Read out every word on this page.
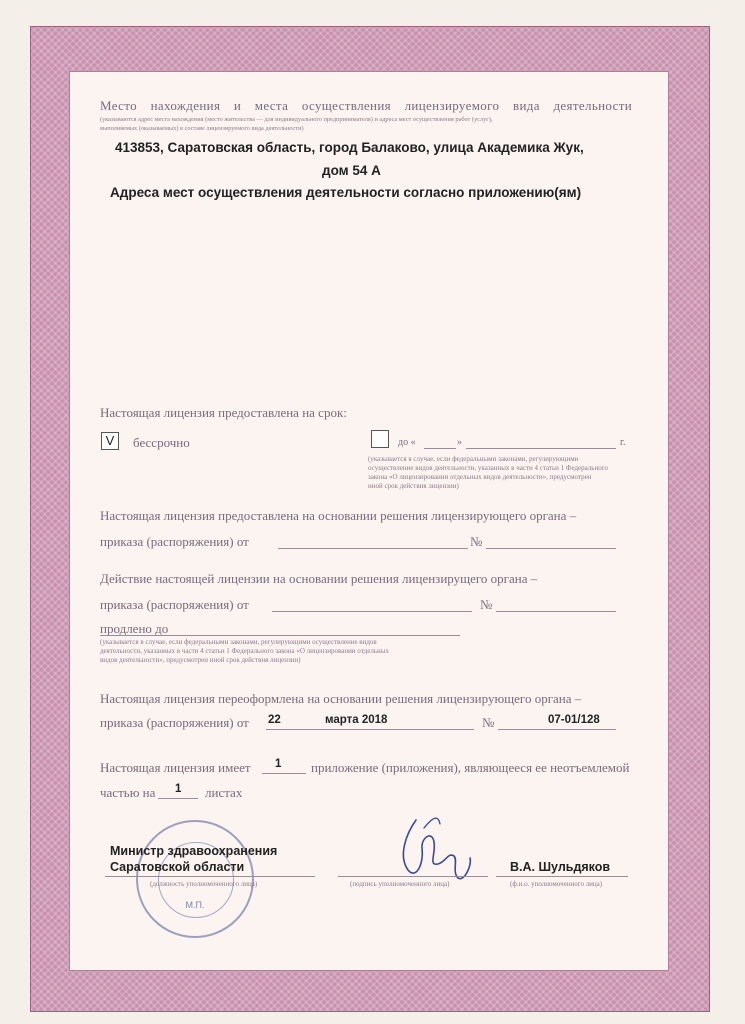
Место нахождения и места осуществления лицензируемого вида деятельности
(указываются адрес места нахождения (место жительства — для индивидуального предпринимателя) и адреса мест осуществления работ (услуг),
выполняемых (оказываемых) в составе лицензируемого вида деятельности)
413853, Саратовская область, город Балаково, улица Академика Жук,
дом 54 А
Адреса мест осуществления деятельности согласно приложению(ям)
Настоящая лицензия предоставлена на срок:
V	бессрочно	до «	»	г.
(указывается в случае, если федеральными законами, регулирующими
осуществление видов деятельности, указанных в части 4 статьи 1 Федерального
закона «О лицензировании отдельных видов деятельности», предусмотрен
иной срок действия лицензии)
Настоящая лицензия предоставлена на основании решения лицензирующего органа –
приказа (распоряжения) от	№
Действие настоящей лицензии на основании решения лицензирущего органа –
приказа (распоряжения) от	№
продлено до
(указывается в случае, если федеральными законами, регулирующими осуществление видов
деятельности, указанных в части 4 статьи 1 Федерального закона «О лицензировании отдельных
видов деятельности», предусмотрен иной срок действия лицензии)
Настоящая лицензия переоформлена на основании решения лицензирующего органа –
приказа (распоряжения) от 22	марта 2018	№	07-01/128
Настоящая лицензия имеет 1 приложение (приложения), являющееся ее неотъемлемой
частью на 1 листах
М.П.
Министр здравоохранения
Саратовской области
(должность уполномоченного лица)	(подпись уполномоченного лица)
В.А. Шульдяков
(ф.и.о. уполномоченного лица)
